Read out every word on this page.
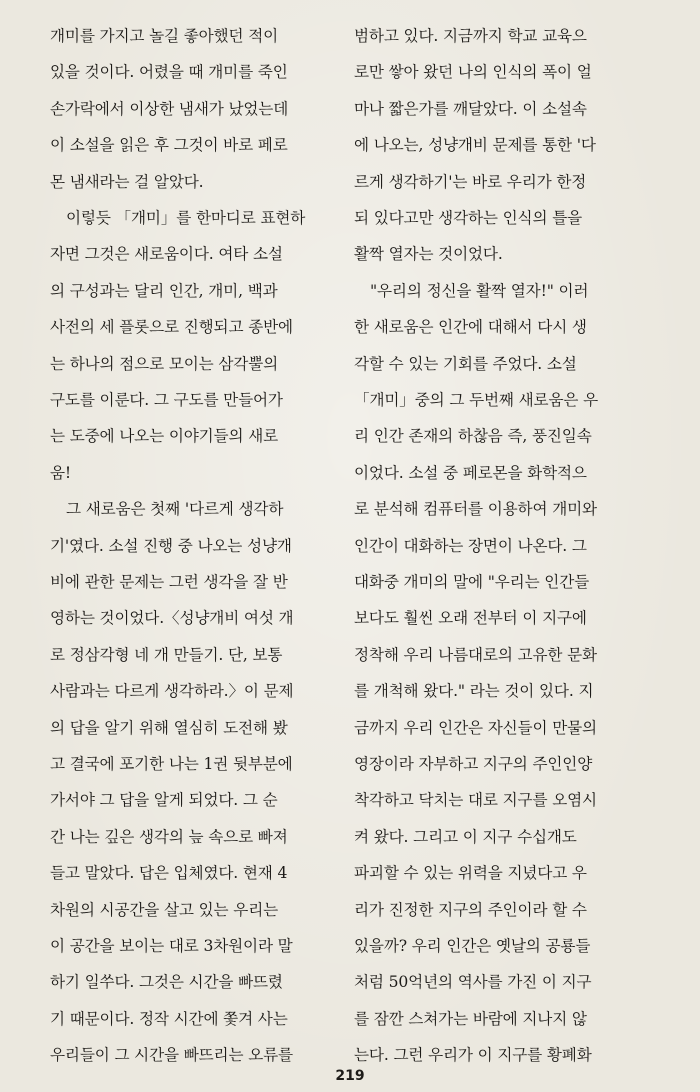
개미를 가지고 놀길 좋아했던 적이
있을 것이다. 어렸을 때 개미를 죽인
손가락에서 이상한 냄새가 났었는데
이 소설을 읽은 후 그것이 바로 페로
몬 냄새라는 걸 알았다.
이렇듯 「개미」를 한마디로 표현하
자면 그것은 새로움이다. 여타 소설
의 구성과는 달리 인간, 개미, 백과
사전의 세 플롯으로 진행되고 종반에
는 하나의 점으로 모이는 삼각뿔의
구도를 이룬다. 그 구도를 만들어가
는 도중에 나오는 이야기들의 새로
움!
그 새로움은 첫째 '다르게 생각하
기'였다. 소설 진행 중 나오는 성냥개
비에 관한 문제는 그런 생각을 잘 반
영하는 것이었다.〈성냥개비 여섯 개
로 정삼각형 네 개 만들기. 단, 보통
사람과는 다르게 생각하라.〉이 문제
의 답을 알기 위해 열심히 도전해 봤
고 결국에 포기한 나는 1권 뒷부분에
가서야 그 답을 알게 되었다. 그 순
간 나는 깊은 생각의 늪 속으로 빠져
들고 말았다. 답은 입체였다. 현재 4
차원의 시공간을 살고 있는 우리는
이 공간을 보이는 대로 3차원이라 말
하기 일쑤다. 그것은 시간을 빠뜨렸
기 때문이다. 정작 시간에 쫓겨 사는
우리들이 그 시간을 빠뜨리는 오류를
범하고 있다. 지금까지 학교 교육으
로만 쌓아 왔던 나의 인식의 폭이 얼
마나 짧은가를 깨달았다. 이 소설속
에 나오는, 성냥개비 문제를 통한 '다
르게 생각하기'는 바로 우리가 한정
되 있다고만 생각하는 인식의 틀을
활짝 열자는 것이었다.
"우리의 정신을 활짝 열자!" 이러
한 새로움은 인간에 대해서 다시 생
각할 수 있는 기회를 주었다. 소설
「개미」중의 그 두번째 새로움은 우
리 인간 존재의 하찮음 즉, 풍진일속
이었다. 소설 중 페로몬을 화학적으
로 분석해 컴퓨터를 이용하여 개미와
인간이 대화하는 장면이 나온다. 그
대화중 개미의 말에 "우리는 인간들
보다도 훨씬 오래 전부터 이 지구에
정착해 우리 나름대로의 고유한 문화
를 개척해 왔다." 라는 것이 있다. 지
금까지 우리 인간은 자신들이 만물의
영장이라 자부하고 지구의 주인인양
착각하고 닥치는 대로 지구를 오염시
켜 왔다. 그리고 이 지구 수십개도
파괴할 수 있는 위력을 지녔다고 우
리가 진정한 지구의 주인이라 할 수
있을까? 우리 인간은 옛날의 공룡들
처럼 50억년의 역사를 가진 이 지구
를 잠깐 스쳐가는 바람에 지나지 않
는다. 그런 우리가 이 지구를 황폐화
219
